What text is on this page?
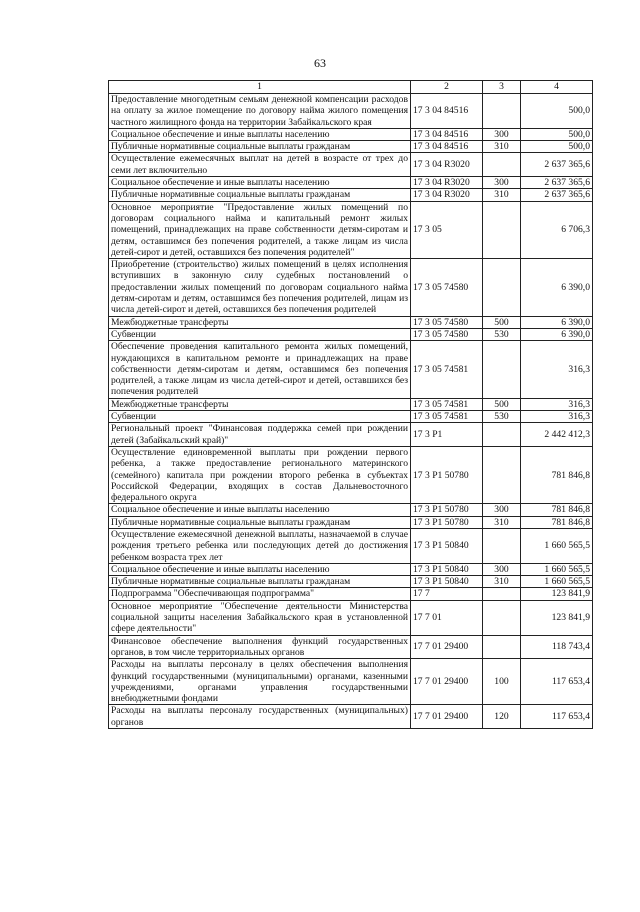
63
1	2	3	4
Предоставление многодетным семьям денежной компенсации расходов на оплату за жилое помещение по договору найма жилого помещения частного жилищного фонда на территории Забайкальского края	17 3 04 84516		500,0
Социальное обеспечение и иные выплаты населению	17 3 04 84516	300	500,0
Публичные нормативные социальные выплаты гражданам	17 3 04 84516	310	500,0
Осуществление ежемесячных выплат на детей в возрасте от трех до семи лет включительно	17 3 04 R3020		2 637 365,6
Социальное обеспечение и иные выплаты населению	17 3 04 R3020	300	2 637 365,6
Публичные нормативные социальные выплаты гражданам	17 3 04 R3020	310	2 637 365,6
Основное мероприятие "Предоставление жилых помещений по договорам социального найма и капитальный ремонт жилых помещений, принадлежащих на праве собственности детям-сиротам и детям, оставшимся без попечения родителей, а также лицам из числа детей-сирот и детей, оставшихся без попечения родителей"	17 3 05		6 706,3
Приобретение (строительство) жилых помещений в целях исполнения вступивших в законную силу судебных постановлений о предоставлении жилых помещений по договорам социального найма детям-сиротам и детям, оставшимся без попечения родителей, лицам из числа детей-сирот и детей, оставшихся без попечения родителей	17 3 05 74580		6 390,0
Межбюджетные трансферты	17 3 05 74580	500	6 390,0
Субвенции	17 3 05 74580	530	6 390,0
Обеспечение проведения капитального ремонта жилых помещений, нуждающихся в капитальном ремонте и принадлежащих на праве собственности детям-сиротам и детям, оставшимся без попечения родителей, а также лицам из числа детей-сирот и детей, оставшихся без попечения родителей	17 3 05 74581		316,3
Межбюджетные трансферты	17 3 05 74581	500	316,3
Субвенции	17 3 05 74581	530	316,3
Региональный проект "Финансовая поддержка семей при рождении детей (Забайкальский край)"	17 3 P1		2 442 412,3
Осуществление единовременной выплаты при рождении первого ребенка, а также предоставление регионального материнского (семейного) капитала при рождении второго ребенка в субъектах Российской Федерации, входящих в состав Дальневосточного федерального округа	17 3 P1 50780		781 846,8
Социальное обеспечение и иные выплаты населению	17 3 P1 50780	300	781 846,8
Публичные нормативные социальные выплаты гражданам	17 3 P1 50780	310	781 846,8
Осуществление ежемесячной денежной выплаты, назначаемой в случае рождения третьего ребенка или последующих детей до достижения ребенком возраста трех лет	17 3 P1 50840		1 660 565,5
Социальное обеспечение и иные выплаты населению	17 3 P1 50840	300	1 660 565,5
Публичные нормативные социальные выплаты гражданам	17 3 P1 50840	310	1 660 565,5
Подпрограмма "Обеспечивающая подпрограмма"	17 7		123 841,9
Основное мероприятие "Обеспечение деятельности Министерства социальной защиты населения Забайкальского края в установленной сфере деятельности"	17 7 01		123 841,9
Финансовое обеспечение выполнения функций государственных органов, в том числе территориальных органов	17 7 01 29400		118 743,4
Расходы на выплаты персоналу в целях обеспечения выполнения функций государственными (муниципальными) органами, казенными учреждениями, органами управления государственными внебюджетными фондами	17 7 01 29400	100	117 653,4
Расходы на выплаты персоналу государственных (муниципальных) органов	17 7 01 29400	120	117 653,4
